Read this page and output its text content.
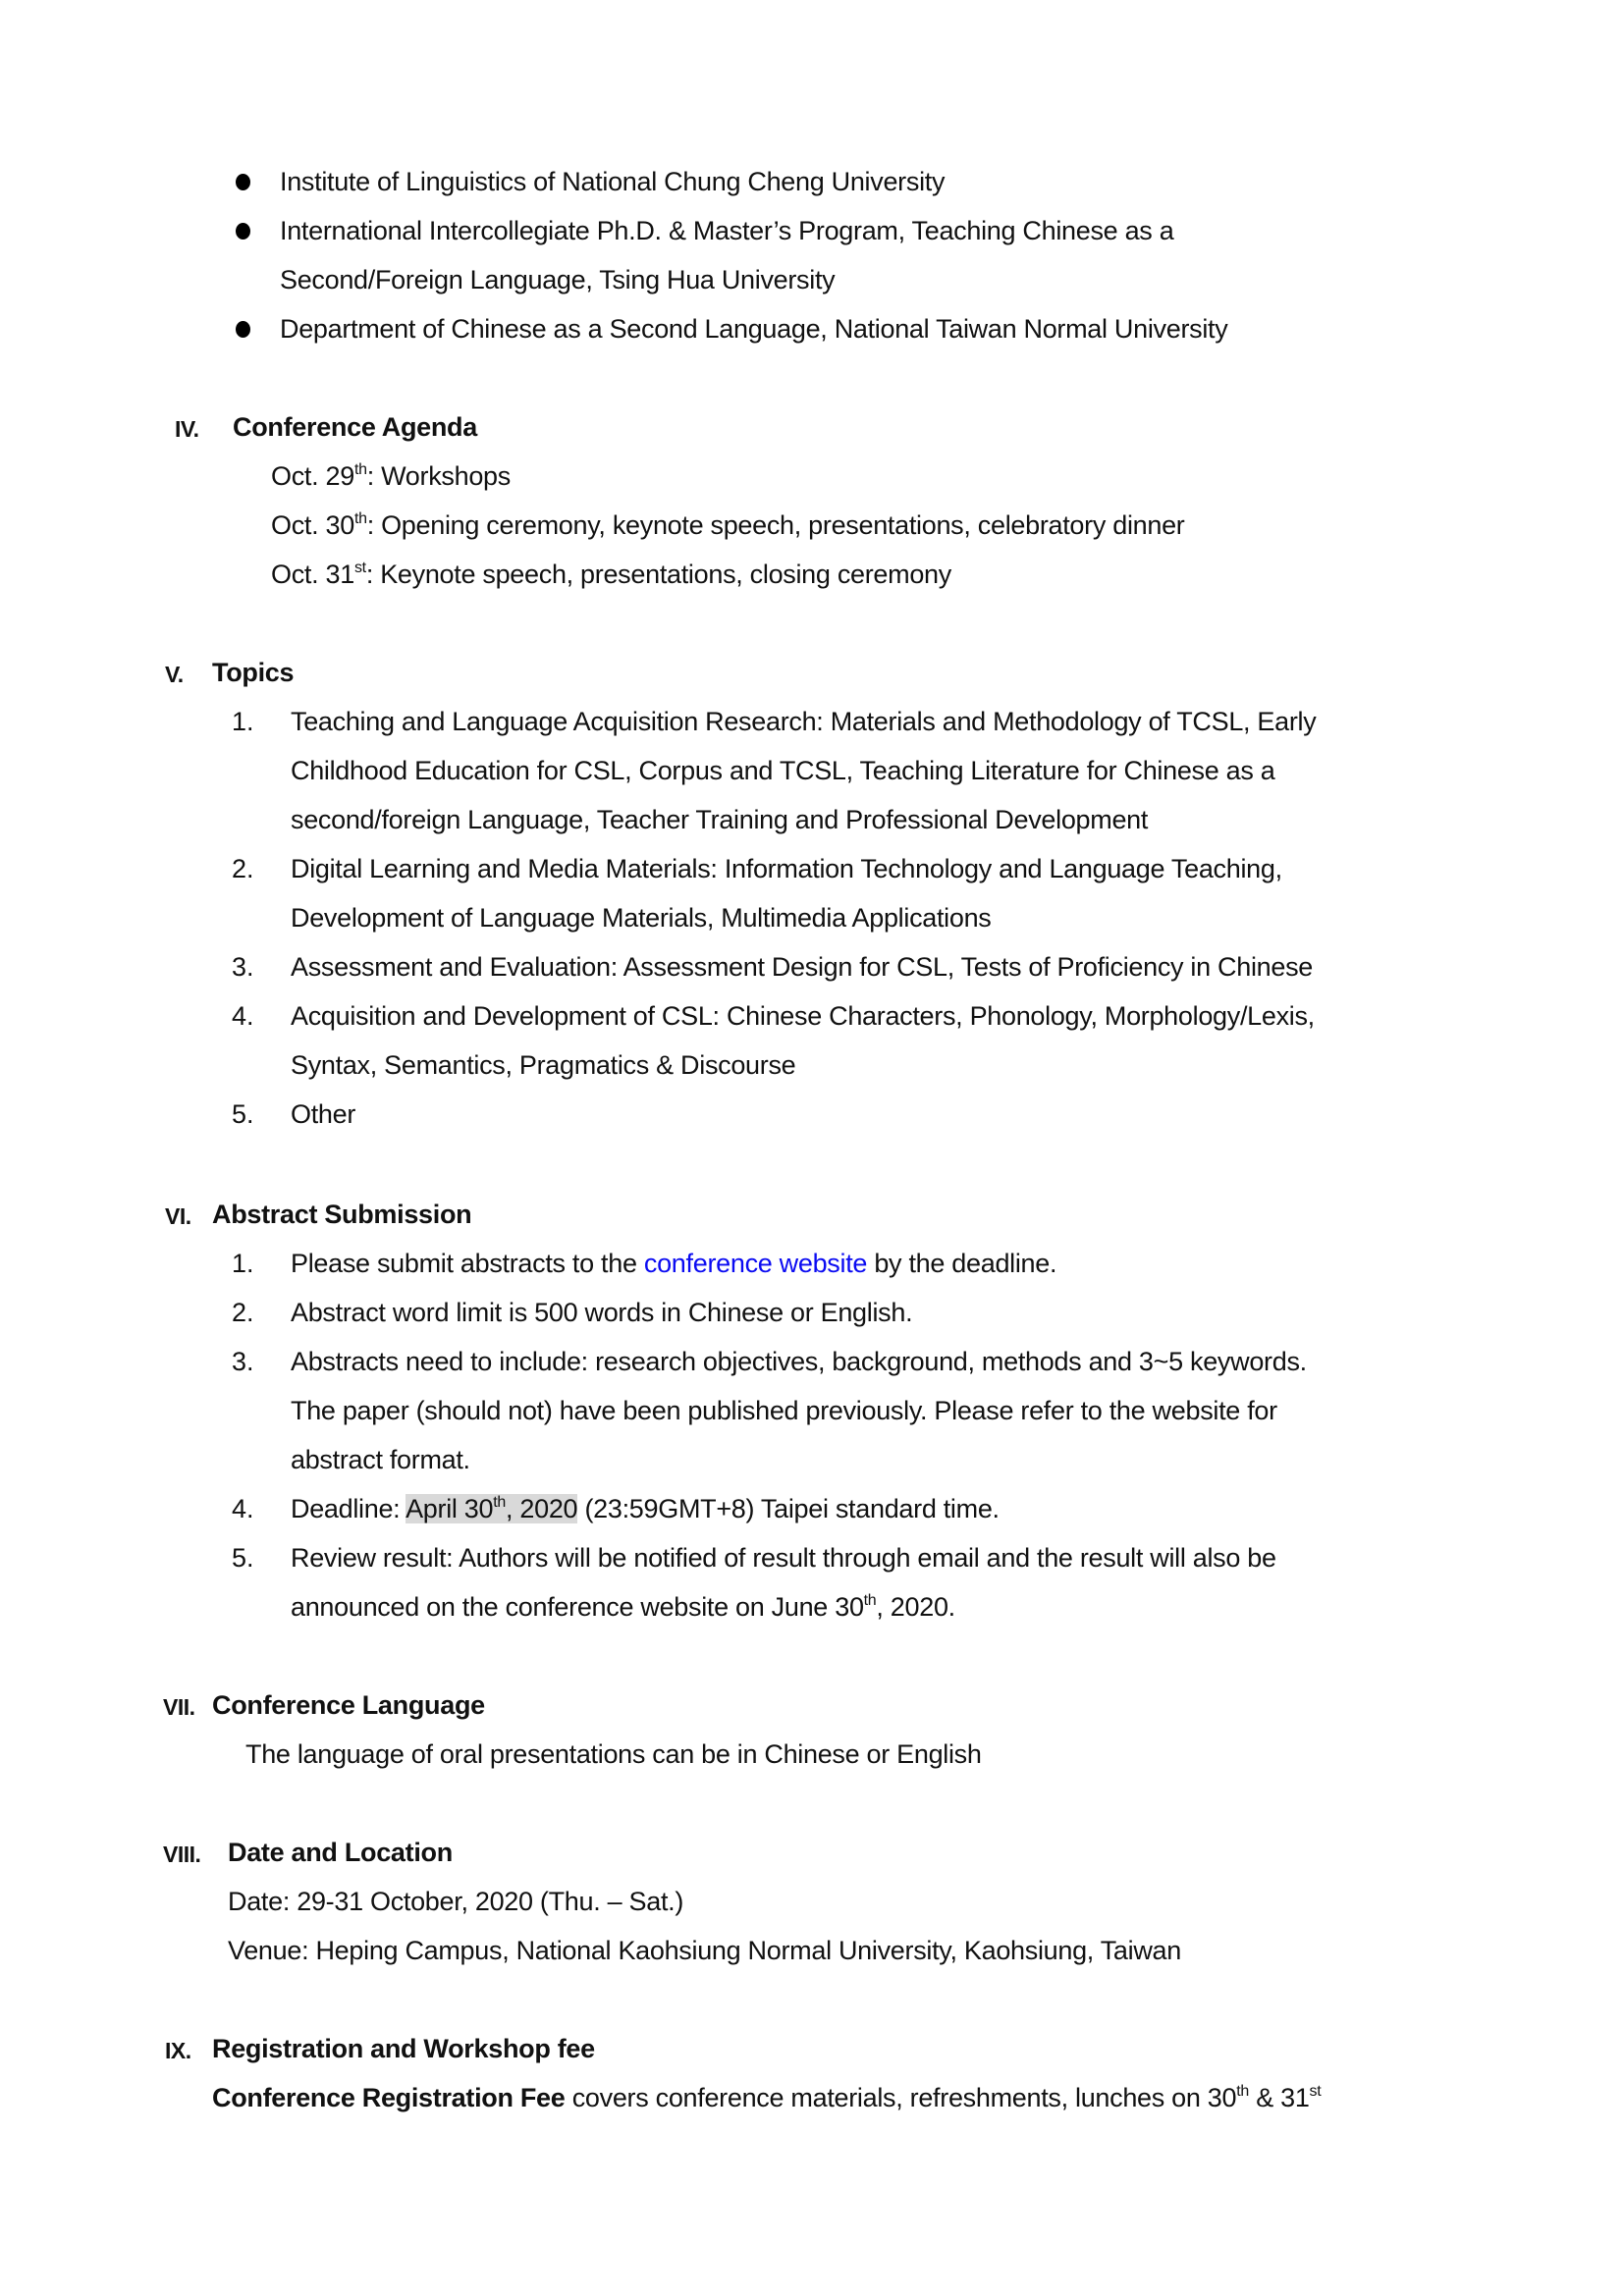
Institute of Linguistics of National Chung Cheng University
International Intercollegiate Ph.D. & Master’s Program, Teaching Chinese as a
Second/Foreign Language, Tsing Hua University
Department of Chinese as a Second Language, National Taiwan Normal University
IV. Conference Agenda
Oct. 29th: Workshops
Oct. 30th: Opening ceremony, keynote speech, presentations, celebratory dinner
Oct. 31st: Keynote speech, presentations, closing ceremony
V. Topics
1. Teaching and Language Acquisition Research: Materials and Methodology of TCSL, Early
Childhood Education for CSL, Corpus and TCSL, Teaching Literature for Chinese as a
second/foreign Language, Teacher Training and Professional Development
2. Digital Learning and Media Materials: Information Technology and Language Teaching,
Development of Language Materials, Multimedia Applications
3. Assessment and Evaluation: Assessment Design for CSL, Tests of Proficiency in Chinese
4. Acquisition and Development of CSL: Chinese Characters, Phonology, Morphology/Lexis,
Syntax, Semantics, Pragmatics & Discourse
5. Other
VI. Abstract Submission
1. Please submit abstracts to the conference website by the deadline.
2. Abstract word limit is 500 words in Chinese or English.
3. Abstracts need to include: research objectives, background, methods and 3~5 keywords.
The paper (should not) have been published previously. Please refer to the website for
abstract format.
4. Deadline: April 30th, 2020 (23:59GMT+8) Taipei standard time.
5. Review result: Authors will be notified of result through email and the result will also be
announced on the conference website on June 30th, 2020.
VII. Conference Language
The language of oral presentations can be in Chinese or English
VIII. Date and Location
Date: 29-31 October, 2020 (Thu. – Sat.)
Venue: Heping Campus, National Kaohsiung Normal University, Kaohsiung, Taiwan
IX. Registration and Workshop fee
Conference Registration Fee covers conference materials, refreshments, lunches on 30th & 31st
